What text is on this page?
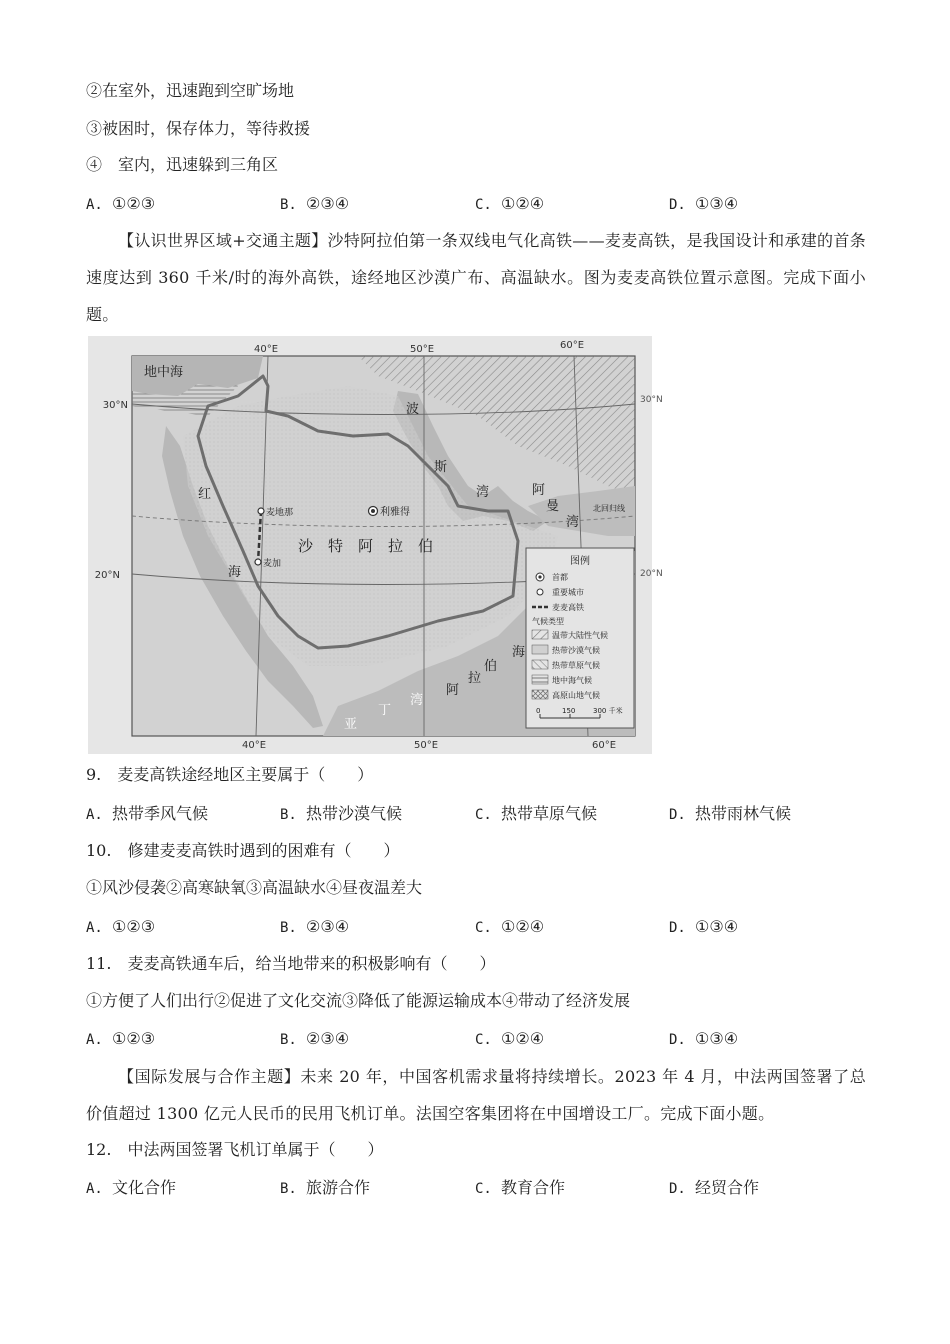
②在室外，迅速跑到空旷场地
③被困时，保存体力，等待救援
④　室内，迅速躲到三角区
A. ①②③	B. ②③④	C. ①②④	D. ①③④
【认识世界区域+交通主题】沙特阿拉伯第一条双线电气化高铁——麦麦高铁，是我国设计和承建的首条速度达到 360 千米/时的海外高铁，途经地区沙漠广布、高温缺水。图为麦麦高铁位置示意图。完成下面小题。
40°E	50°E	60°E
40°E	50°E	60°E
30°N
20°N
30°N
20°N
地中海
红
海
波
斯
湾	阿
曼
湾
北回归线
沙　特　阿　拉　伯
利雅得
麦地那
麦加
海
伯
拉
阿
亚
丁
湾
图例
首都
重要城市
麦麦高铁
气候类型
温带大陆性气候
热带沙漠气候
热带草原气候
地中海气候
高原山地气候
0	150	300 千米
9.　麦麦高铁途经地区主要属于（　　）
A. 热带季风气候	B. 热带沙漠气候	C. 热带草原气候	D. 热带雨林气候
10.　修建麦麦高铁时遇到的困难有（　　）
①风沙侵袭②高寒缺氧③高温缺水④昼夜温差大
A. ①②③	B. ②③④	C. ①②④	D. ①③④
11.　麦麦高铁通车后，给当地带来的积极影响有（　　）
①方便了人们出行②促进了文化交流③降低了能源运输成本④带动了经济发展
A. ①②③	B. ②③④	C. ①②④	D. ①③④
【国际发展与合作主题】未来 20 年，中国客机需求量将持续增长。2023 年 4 月，中法两国签署了总价值超过 1300 亿元人民币的民用飞机订单。法国空客集团将在中国增设工厂。完成下面小题。
12.　中法两国签署飞机订单属于（　　）
A. 文化合作	B. 旅游合作	C. 教育合作	D. 经贸合作
